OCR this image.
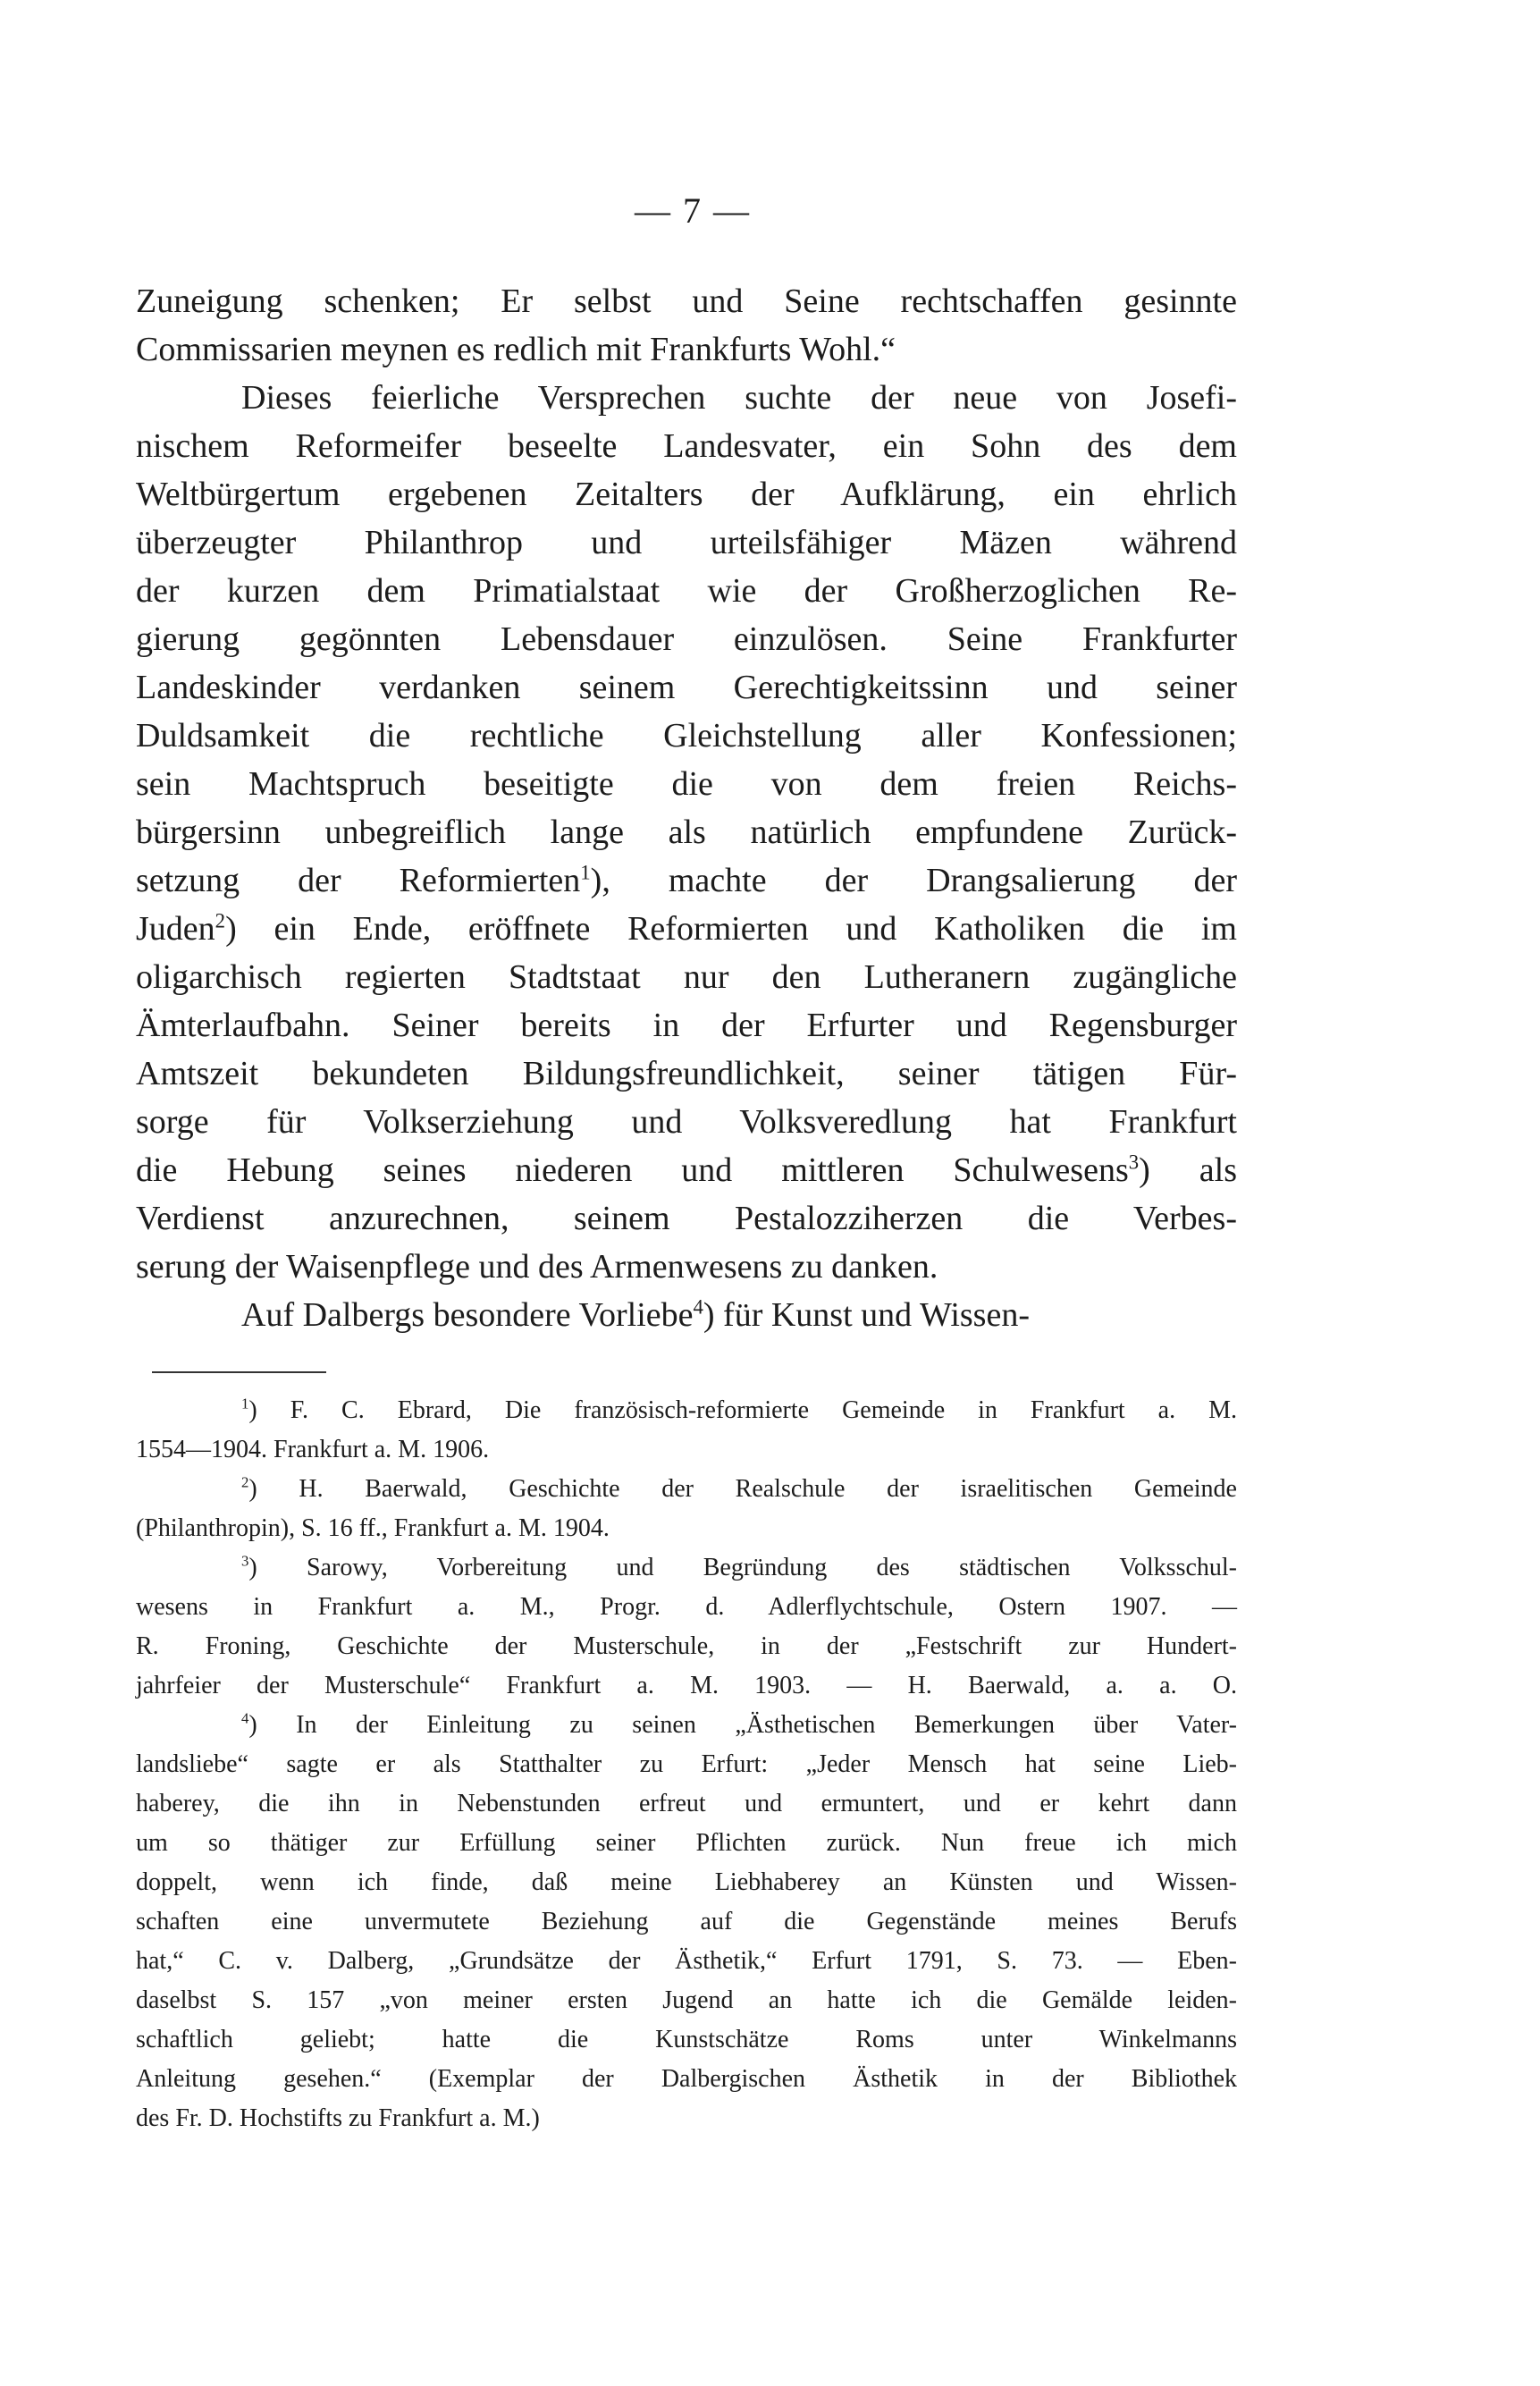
— 7 —
Zuneigung schenken; Er selbst und Seine rechtschaffen gesinnte
Commissarien meynen es redlich mit Frankfurts Wohl.“
Dieses feierliche Versprechen suchte der neue von Josefi-
nischem Reformeifer beseelte Landesvater, ein Sohn des dem
Weltbürgertum ergebenen Zeitalters der Aufklärung, ein ehrlich
überzeugter Philanthrop und urteilsfähiger Mäzen während
der kurzen dem Primatialstaat wie der Großherzoglichen Re-
gierung gegönnten Lebensdauer einzulösen. Seine Frankfurter
Landeskinder verdanken seinem Gerechtigkeitssinn und seiner
Duldsamkeit die rechtliche Gleichstellung aller Konfessionen;
sein Machtspruch beseitigte die von dem freien Reichs-
bürgersinn unbegreiflich lange als natürlich empfundene Zurück-
setzung der Reformierten$^1$), machte der Drangsalierung der
Juden$^2$) ein Ende, eröffnete Reformierten und Katholiken die im
oligarchisch regierten Stadtstaat nur den Lutheranern zugängliche
Ämterlaufbahn. Seiner bereits in der Erfurter und Regensburger
Amtszeit bekundeten Bildungsfreundlichkeit, seiner tätigen Für-
sorge für Volkserziehung und Volksveredlung hat Frankfurt
die Hebung seines niederen und mittleren Schulwesens$^3$) als
Verdienst anzurechnen, seinem Pestalozziherzen die Verbes-
serung der Waisenpflege und des Armenwesens zu danken.
Auf Dalbergs besondere Vorliebe$^4$) für Kunst und Wissen-
$^1$) F. C. Ebrard, Die französisch-reformierte Gemeinde in Frankfurt a. M.
1554—1904. Frankfurt a. M. 1906.
$^2$) H. Baerwald, Geschichte der Realschule der israelitischen Gemeinde
(Philanthropin), S. 16 ff., Frankfurt a. M. 1904.
$^3$) Sarowy, Vorbereitung und Begründung des städtischen Volksschul-
wesens in Frankfurt a. M., Progr. d. Adlerflychtschule, Ostern 1907. —
R. Froning, Geschichte der Musterschule, in der „Festschrift zur Hundert-
jahrfeier der Musterschule“ Frankfurt a. M. 1903. — H. Baerwald, a. a. O.
$^4$) In der Einleitung zu seinen „Ästhetischen Bemerkungen über Vater-
landsliebe“ sagte er als Statthalter zu Erfurt: „Jeder Mensch hat seine Lieb-
haberey, die ihn in Nebenstunden erfreut und ermuntert, und er kehrt dann
um so thätiger zur Erfüllung seiner Pflichten zurück. Nun freue ich mich
doppelt, wenn ich finde, daß meine Liebhaberey an Künsten und Wissen-
schaften eine unvermutete Beziehung auf die Gegenstände meines Berufs
hat,“ C. v. Dalberg, „Grundsätze der Ästhetik,“ Erfurt 1791, S. 73. — Eben-
daselbst S. 157 „von meiner ersten Jugend an hatte ich die Gemälde leiden-
schaftlich geliebt; hatte die Kunstschätze Roms unter Winkelmanns
Anleitung gesehen.“ (Exemplar der Dalbergischen Ästhetik in der Bibliothek
des Fr. D. Hochstifts zu Frankfurt a. M.)
